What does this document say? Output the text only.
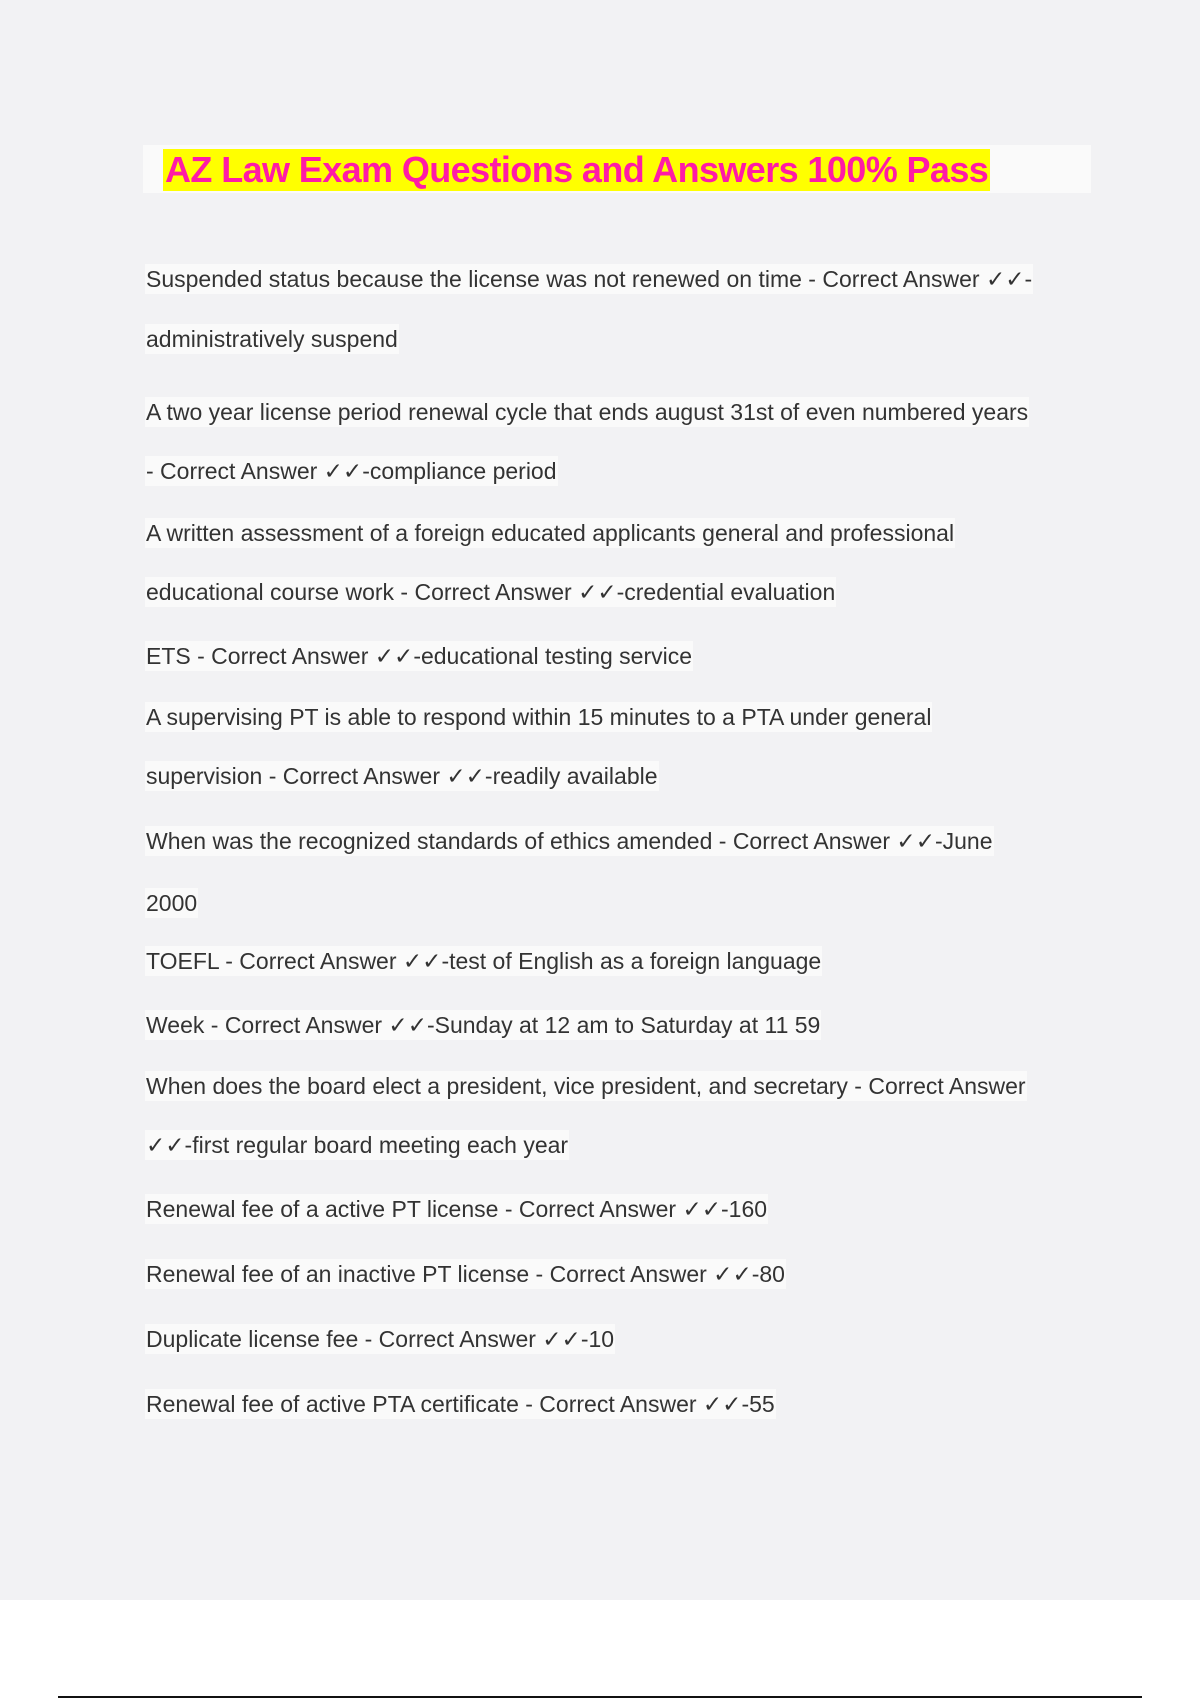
AZ Law Exam Questions and Answers 100% Pass
Suspended status because the license was not renewed on time - Correct Answer ✓✓-
administratively suspend
A two year license period renewal cycle that ends august 31st of even numbered years
- Correct Answer ✓✓-compliance period
A written assessment of a foreign educated applicants general and professional
educational course work - Correct Answer ✓✓-credential evaluation
ETS - Correct Answer ✓✓-educational testing service
A supervising PT is able to respond within 15 minutes to a PTA under general
supervision - Correct Answer ✓✓-readily available
When was the recognized standards of ethics amended - Correct Answer ✓✓-June
2000
TOEFL - Correct Answer ✓✓-test of English as a foreign language
Week - Correct Answer ✓✓-Sunday at 12 am to Saturday at 11 59
When does the board elect a president, vice president, and secretary - Correct Answer
✓✓-first regular board meeting each year
Renewal fee of a active PT license - Correct Answer ✓✓-160
Renewal fee of an inactive PT license - Correct Answer ✓✓-80
Duplicate license fee - Correct Answer ✓✓-10
Renewal fee of active PTA certificate - Correct Answer ✓✓-55
